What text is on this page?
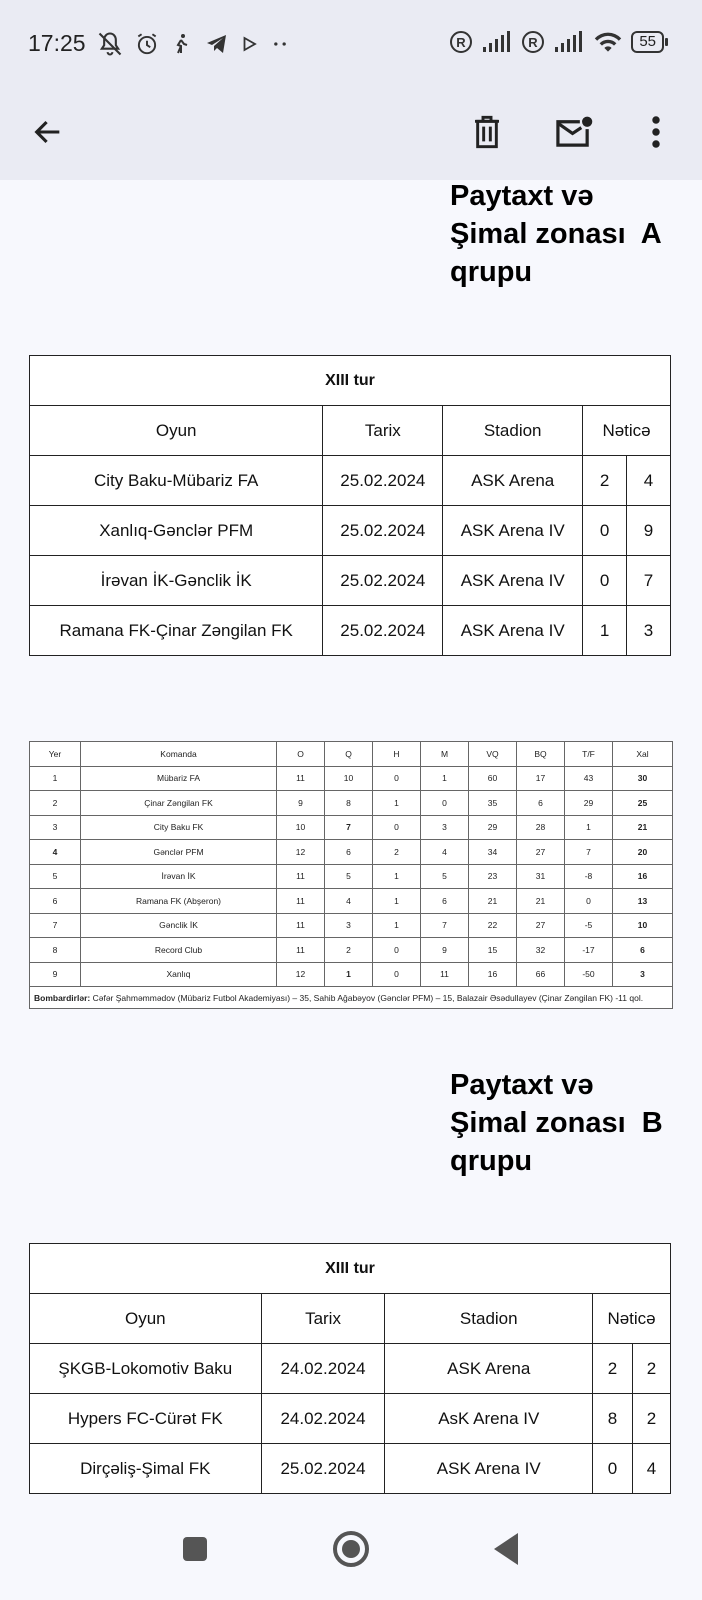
17:25	R	R	55
Paytaxt və
Şimal zonası  A
qrupu
XIII tur				
Oyun	Tarix	Stadion	Nəticə	
City Baku-Mübariz FA	25.02.2024	ASK Arena	2	4
Xanlıq-Gənclər PFM	25.02.2024	ASK Arena IV	0	9
İrəvan İK-Gənclik İK	25.02.2024	ASK Arena IV	0	7
Ramana FK-Çinar Zəngilan FK	25.02.2024	ASK Arena IV	1	3
Yer	Komanda	O	Q	H	M	VQ	BQ	T/F	Xal
1	Mübariz FA	11	10	0	1	60	17	43	30
2	Çinar Zəngilan FK	9	8	1	0	35	6	29	25
3	City Baku FK	10	7	0	3	29	28	1	21
4	Gənclər PFM	12	6	2	4	34	27	7	20
5	İrəvan İK	11	5	1	5	23	31	-8	16
6	Ramana FK (Abşeron)	11	4	1	6	21	21	0	13
7	Gənclik İK	11	3	1	7	22	27	-5	10
8	Record Club	11	2	0	9	15	32	-17	6
9	Xanlıq	12	1	0	11	16	66	-50	3
Bombardirlər: Cəfər Şahməmmədov (Mübariz Futbol Akademiyası) – 35, Sahib Ağabəyov (Gənclər PFM) – 15, Balazair Əsədullayev (Çinar Zəngilan FK) -11 qol.									
Paytaxt və
Şimal zonası  B
qrupu
XIII tur				
Oyun	Tarix	Stadion	Nəticə	
ŞKGB-Lokomotiv Baku	24.02.2024	ASK Arena	2	2
Hypers FC-Cürət FK	24.02.2024	AsK Arena IV	8	2
Dirçəliş-Şimal FK	25.02.2024	ASK Arena IV	0	4
